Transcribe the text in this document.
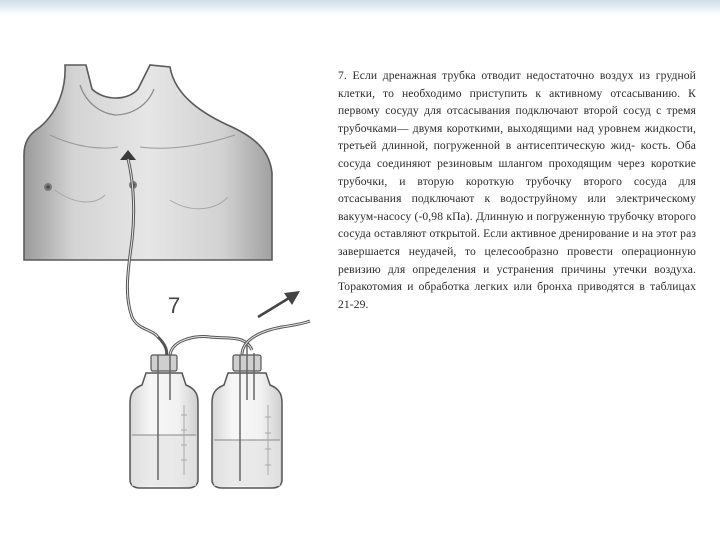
7

7. Если дренажная трубка отводит недостаточно воздух из грудной клетки, то необходимо приступить к активному отсасыванию. К первому сосуду для отсасывания подключают второй сосуд с тремя трубочками— двумя короткими, выходящими над уровнем жидкости, третьей длинной, погруженной в антисептическую жид- кость. Оба сосуда соединяют резиновым шлангом проходящим через короткие трубочки, и вторую короткую трубочку второго сосуда для отсасывания подключают к водоструйному или электрическому вакуум-насосу (-0,98 кПа). Длинную и погруженную трубочку второго сосуда оставляют открытой. Если активное дренирование и на этот раз завершается неудачей, то целесообразно провести операционную ревизию для определения и устранения причины утечки воздуха. Торакотомия и обработка легких или бронха приводятся в таблицах 21-29.
